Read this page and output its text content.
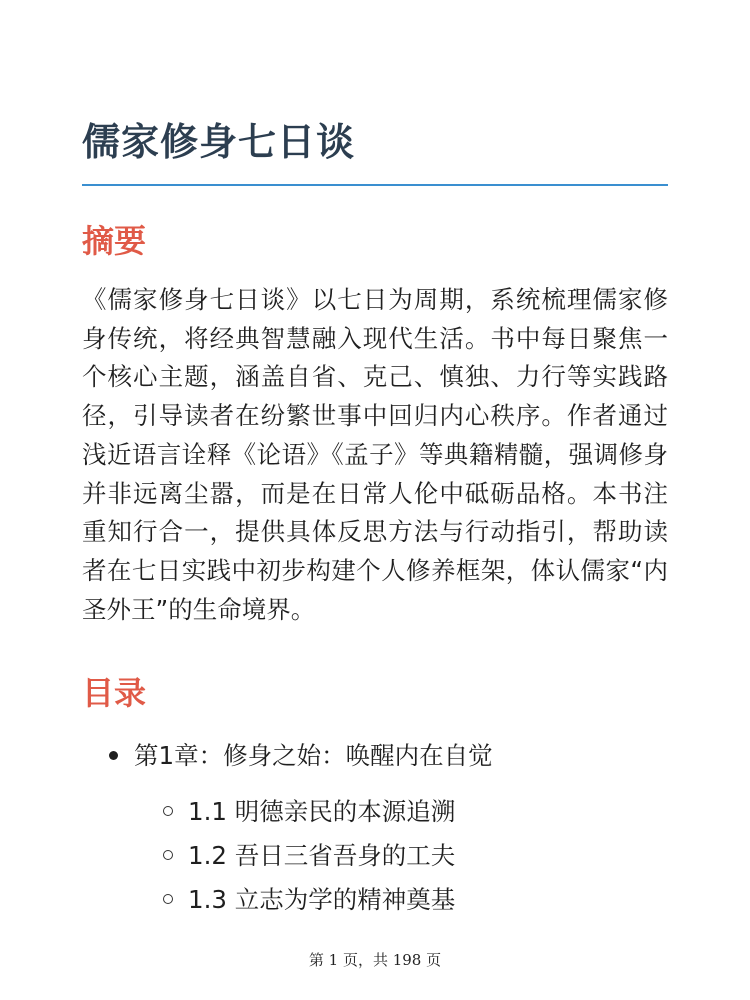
儒家修身七日谈
摘要

《儒家修身七日谈》以七日为周期，系统梳理儒家修身传统，将经典智慧融入现代生活。书中每日聚焦一个核心主题，涵盖自省、克己、慎独、力行等实践路径，引导读者在纷繁世事中回归内心秩序。作者通过浅近语言诠释《论语》《孟子》等典籍精髓，强调修身并非远离尘嚣，而是在日常人伦中砥砺品格。本书注重知行合一，提供具体反思方法与行动指引，帮助读者在七日实践中初步构建个人修养框架，体认儒家“内圣外王”的生命境界。

目录
第1章：修身之始：唤醒内在自觉
1.1 明德亲民的本源追溯
1.2 吾日三省吾身的工夫
1.3 立志为学的精神奠基
第 1 页，共 198 页
